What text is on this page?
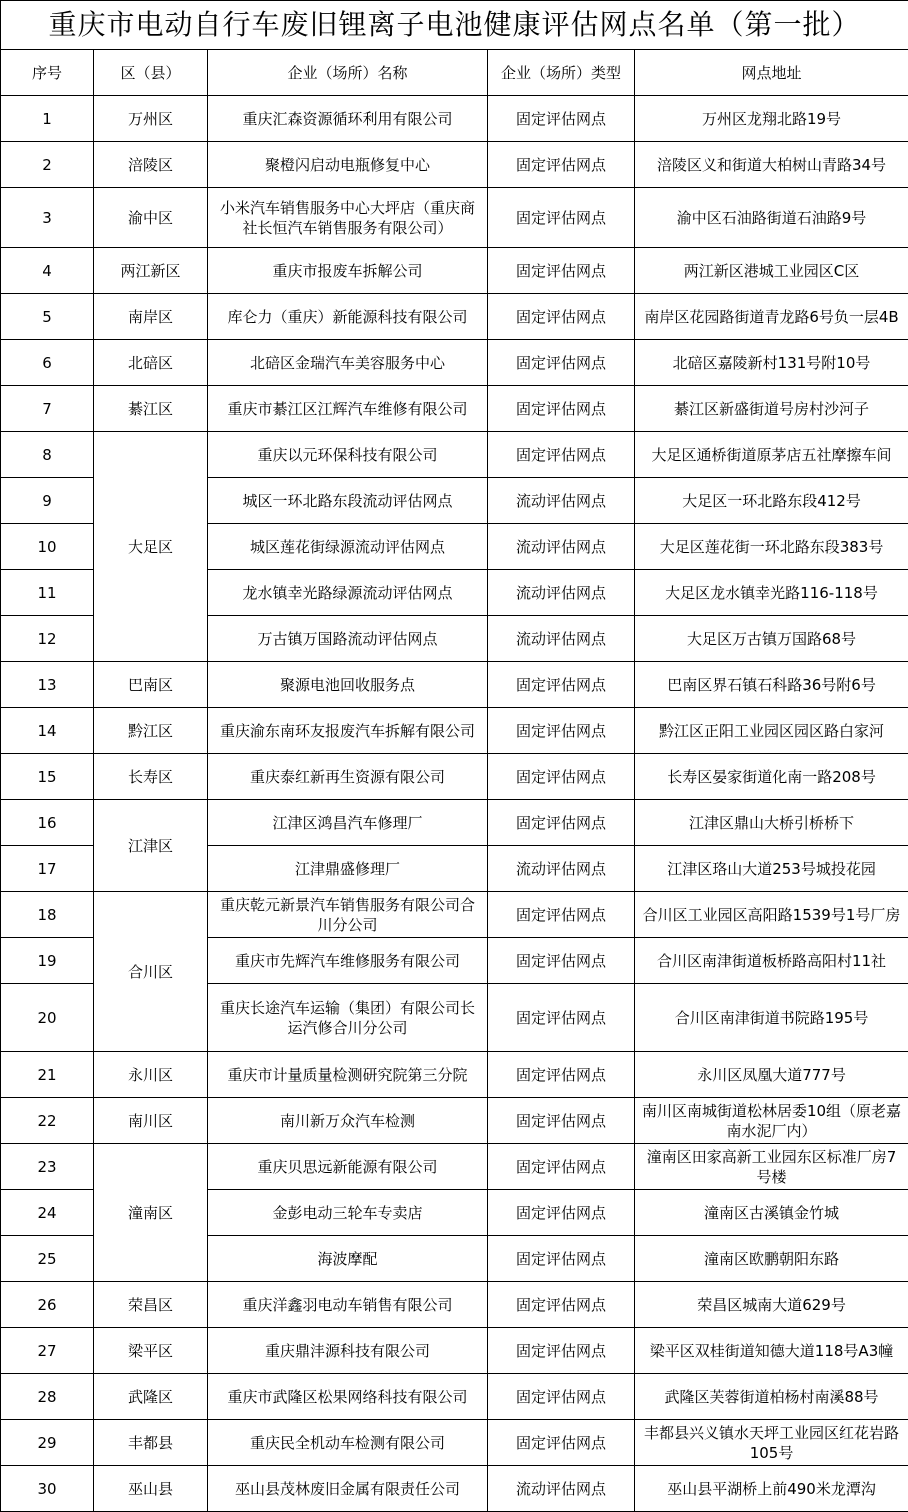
重庆市电动自行车废旧锂离子电池健康评估网点名单（第一批）				
序号	区（县）	企业（场所）名称	企业（场所）类型	网点地址
1	万州区	重庆汇森资源循环利用有限公司	固定评估网点	万州区龙翔北路19号
2	涪陵区	聚橙闪启动电瓶修复中心	固定评估网点	涪陵区义和街道大柏树山青路34号
3	渝中区	小米汽车销售服务中心大坪店（重庆商社长恒汽车销售服务有限公司）	固定评估网点	渝中区石油路街道石油路9号
4	两江新区	重庆市报废车拆解公司	固定评估网点	两江新区港城工业园区C区
5	南岸区	库仑力（重庆）新能源科技有限公司	固定评估网点	南岸区花园路街道青龙路6号负一层4B
6	北碚区	北碚区金瑞汽车美容服务中心	固定评估网点	北碚区嘉陵新村131号附10号
7	綦江区	重庆市綦江区江辉汽车维修有限公司	固定评估网点	綦江区新盛街道号房村沙河子
8	大足区	重庆以元环保科技有限公司	固定评估网点	大足区通桥街道原茅店五社摩擦车间
9		城区一环北路东段流动评估网点	流动评估网点	大足区一环北路东段412号
10		城区莲花街绿源流动评估网点	流动评估网点	大足区莲花街一环北路东段383号
11		龙水镇幸光路绿源流动评估网点	流动评估网点	大足区龙水镇幸光路116-118号
12		万古镇万国路流动评估网点	流动评估网点	大足区万古镇万国路68号
13	巴南区	聚源电池回收服务点	固定评估网点	巴南区界石镇石科路36号附6号
14	黔江区	重庆渝东南环友报废汽车拆解有限公司	固定评估网点	黔江区正阳工业园区园区路白家河
15	长寿区	重庆泰红新再生资源有限公司	固定评估网点	长寿区晏家街道化南一路208号
16	江津区	江津区鸿昌汽车修理厂	固定评估网点	江津区鼎山大桥引桥桥下
17		江津鼎盛修理厂	流动评估网点	江津区珞山大道253号城投花园
18	合川区	重庆乾元新景汽车销售服务有限公司合川分公司	固定评估网点	合川区工业园区高阳路1539号1号厂房
19		重庆市先辉汽车维修服务有限公司	固定评估网点	合川区南津街道板桥路高阳村11社
20		重庆长途汽车运输（集团）有限公司长运汽修合川分公司	固定评估网点	合川区南津街道书院路195号
21	永川区	重庆市计量质量检测研究院第三分院	固定评估网点	永川区凤凰大道777号
22	南川区	南川新万众汽车检测	固定评估网点	南川区南城街道松林居委10组（原老嘉南水泥厂内）
23	潼南区	重庆贝思远新能源有限公司	固定评估网点	潼南区田家高新工业园东区标准厂房7号楼
24		金彭电动三轮车专卖店	固定评估网点	潼南区古溪镇金竹城
25		海波摩配	固定评估网点	潼南区欧鹏朝阳东路
26	荣昌区	重庆洋鑫羽电动车销售有限公司	固定评估网点	荣昌区城南大道629号
27	梁平区	重庆鼎沣源科技有限公司	固定评估网点	梁平区双桂街道知德大道118号A3幢
28	武隆区	重庆市武隆区松果网络科技有限公司	固定评估网点	武隆区芙蓉街道柏杨村南溪88号
29	丰都县	重庆民全机动车检测有限公司	固定评估网点	丰都县兴义镇水天坪工业园区红花岩路105号
30	巫山县	巫山县茂林废旧金属有限责任公司	流动评估网点	巫山县平湖桥上前490米龙潭沟
